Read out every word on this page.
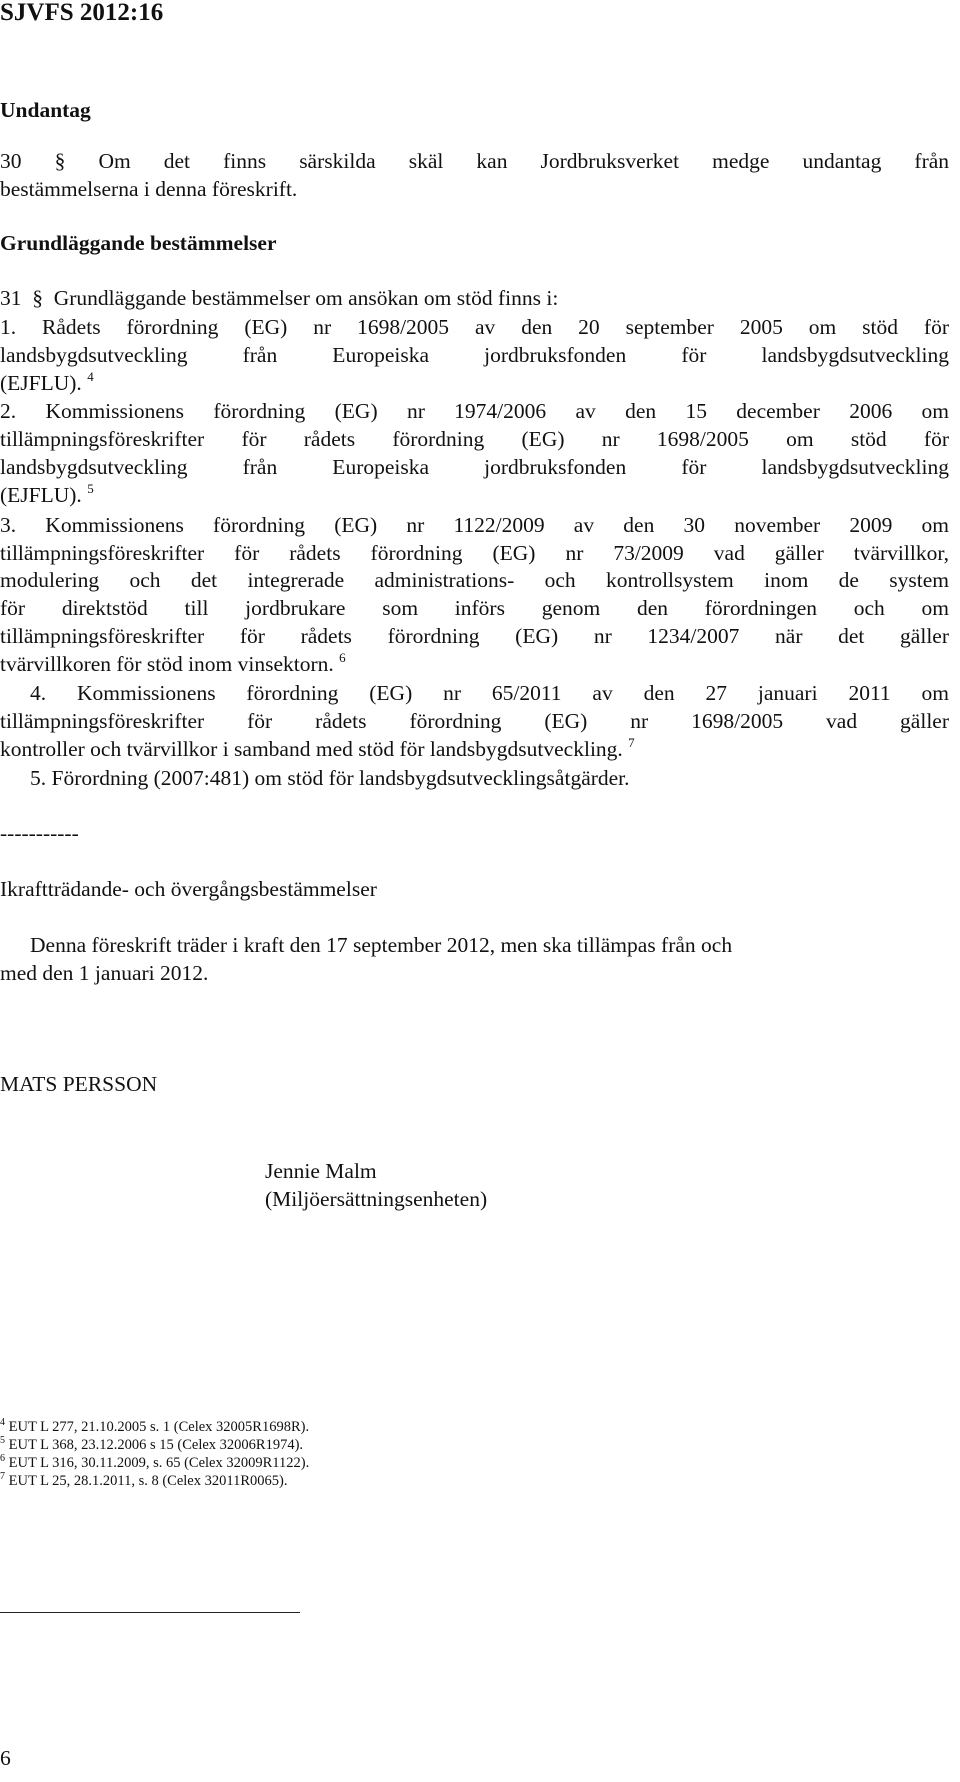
SJVFS 2012:16
Undantag
30 § Om det finns särskilda skäl kan Jordbruksverket medge undantag från
bestämmelserna i denna föreskrift.
Grundläggande bestämmelser
31 § Grundläggande bestämmelser om ansökan om stöd finns i:
1. Rådets förordning (EG) nr 1698/2005 av den 20 september 2005 om stöd för
landsbygdsutveckling från Europeiska jordbruksfonden för landsbygdsutveckling
(EJFLU). $^4$
2. Kommissionens förordning (EG) nr 1974/2006 av den 15 december 2006 om
tillämpningsföreskrifter för rådets förordning (EG) nr 1698/2005 om stöd för
landsbygdsutveckling från Europeiska jordbruksfonden för landsbygdsutveckling
(EJFLU). $^5$
3. Kommissionens förordning (EG) nr 1122/2009 av den 30 november 2009 om
tillämpningsföreskrifter för rådets förordning (EG) nr 73/2009 vad gäller tvärvillkor,
modulering och det integrerade administrations- och kontrollsystem inom de system
för direktstöd till jordbrukare som införs genom den förordningen och om
tillämpningsföreskrifter för rådets förordning (EG) nr 1234/2007 när det gäller
tvärvillkoren för stöd inom vinsektorn. $^6$
4. Kommissionens förordning (EG) nr 65/2011 av den 27 januari 2011 om
tillämpningsföreskrifter för rådets förordning (EG) nr 1698/2005 vad gäller
kontroller och tvärvillkor i samband med stöd för landsbygdsutveckling. $^7$
5. Förordning (2007:481) om stöd för landsbygdsutvecklingsåtgärder.
-----------
Ikraftträdande- och övergångsbestämmelser
Denna föreskrift träder i kraft den 17 september 2012, men ska tillämpas från och
med den 1 januari 2012.
MATS PERSSON
Jennie Malm
(Miljöersättningsenheten)
$^4$ EUT L 277, 21.10.2005 s. 1 (Celex 32005R1698R).
$^5$ EUT L 368, 23.12.2006 s 15 (Celex 32006R1974).
$^6$ EUT L 316, 30.11.2009, s. 65 (Celex 32009R1122).
$^7$ EUT L 25, 28.1.2011, s. 8 (Celex 32011R0065).
6
